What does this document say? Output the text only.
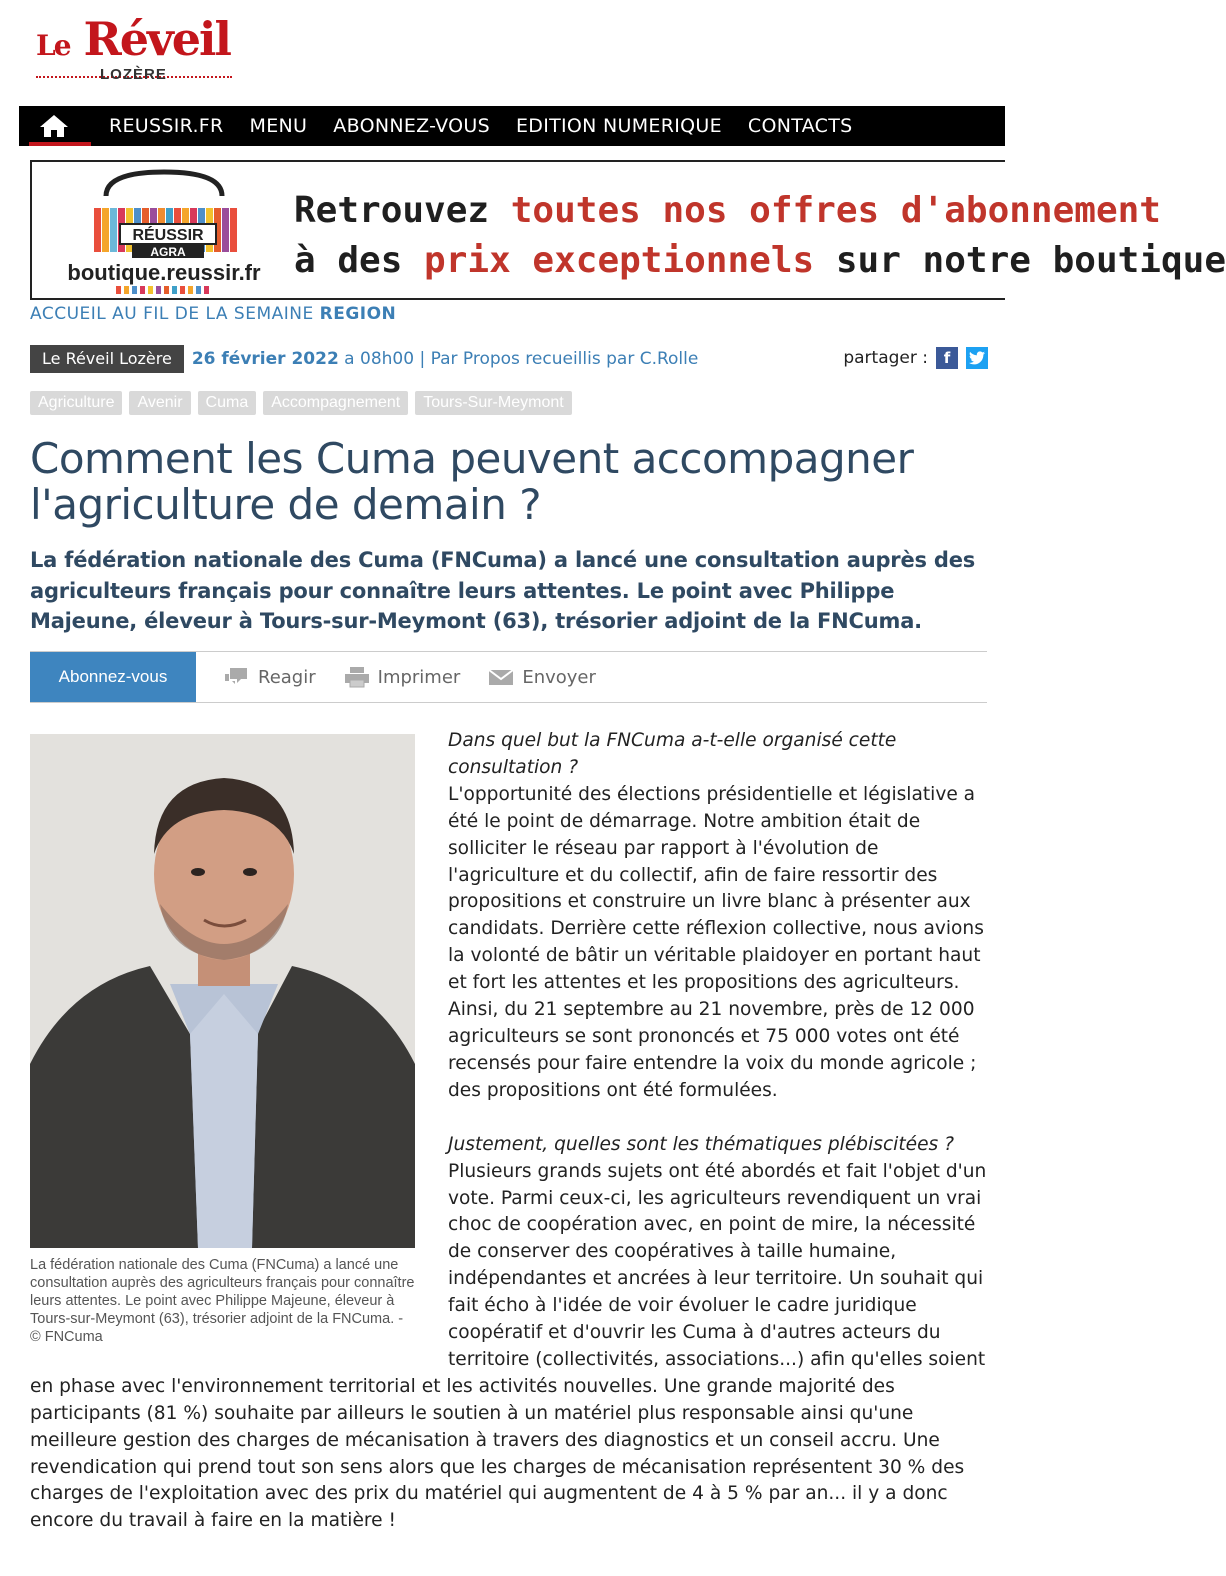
Le Réveil
LOZÈRE
REUSSIR.FR MENU ABONNEZ-VOUS EDITION NUMERIQUE CONTACTS
RÉUSSIR
AGRA
boutique.reussir.fr
Retrouvez toutes nos offres d'abonnement
à des prix exceptionnels sur notre boutique
ACCUEIL AU FIL DE LA SEMAINE REGION
Le Réveil Lozère	26 février 2022 a 08h00 | Par Propos recueillis par C.Rolle	partager :	f
Agriculture	Avenir	Cuma	Accompagnement	Tours-Sur-Meymont
Comment les Cuma peuvent accompagner l'agriculture de demain ?

La fédération nationale des Cuma (FNCuma) a lancé une consultation auprès des agriculteurs français pour connaître leurs attentes. Le point avec Philippe Majeune, éleveur à Tours-sur-Meymont (63), trésorier adjoint de la FNCuma.

Abonnez-vous	Reagir	Imprimer	Envoyer
La fédération nationale des Cuma (FNCuma) a lancé une consultation auprès des agriculteurs français pour connaître leurs attentes. Le point avec Philippe Majeune, éleveur à Tours-sur-Meymont (63), trésorier adjoint de la FNCuma. - © FNCuma

Dans quel but la FNCuma a-t-elle organisé cette consultation ?

L'opportunité des élections présidentielle et législative a été le point de démarrage. Notre ambition était de solliciter le réseau par rapport à l'évolution de l'agriculture et du collectif, afin de faire ressortir des propositions et construire un livre blanc à présenter aux candidats. Derrière cette réflexion collective, nous avions la volonté de bâtir un véritable plaidoyer en portant haut et fort les attentes et les propositions des agriculteurs. Ainsi, du 21 septembre au 21 novembre, près de 12 000 agriculteurs se sont prononcés et 75 000 votes ont été recensés pour faire entendre la voix du monde agricole ; des propositions ont été formulées.

Justement, quelles sont les thématiques plébiscitées ?

Plusieurs grands sujets ont été abordés et fait l'objet d'un vote. Parmi ceux-ci, les agriculteurs revendiquent un vrai choc de coopération avec, en point de mire, la nécessité de conserver des coopératives à taille humaine, indépendantes et ancrées à leur territoire. Un souhait qui fait écho à l'idée de voir évoluer le cadre juridique coopératif et d'ouvrir les Cuma à d'autres acteurs du territoire (collectivités, associations...) afin qu'elles soient en phase avec l'environnement territorial et les activités nouvelles. Une grande majorité des participants (81 %) souhaite par ailleurs le soutien à un matériel plus responsable ainsi qu'une meilleure gestion des charges de mécanisation à travers des diagnostics et un conseil accru. Une revendication qui prend tout son sens alors que les charges de mécanisation représentent 30 % des charges de l'exploitation avec des prix du matériel qui augmentent de 4 à 5 % par an... il y a donc encore du travail à faire en la matière !
